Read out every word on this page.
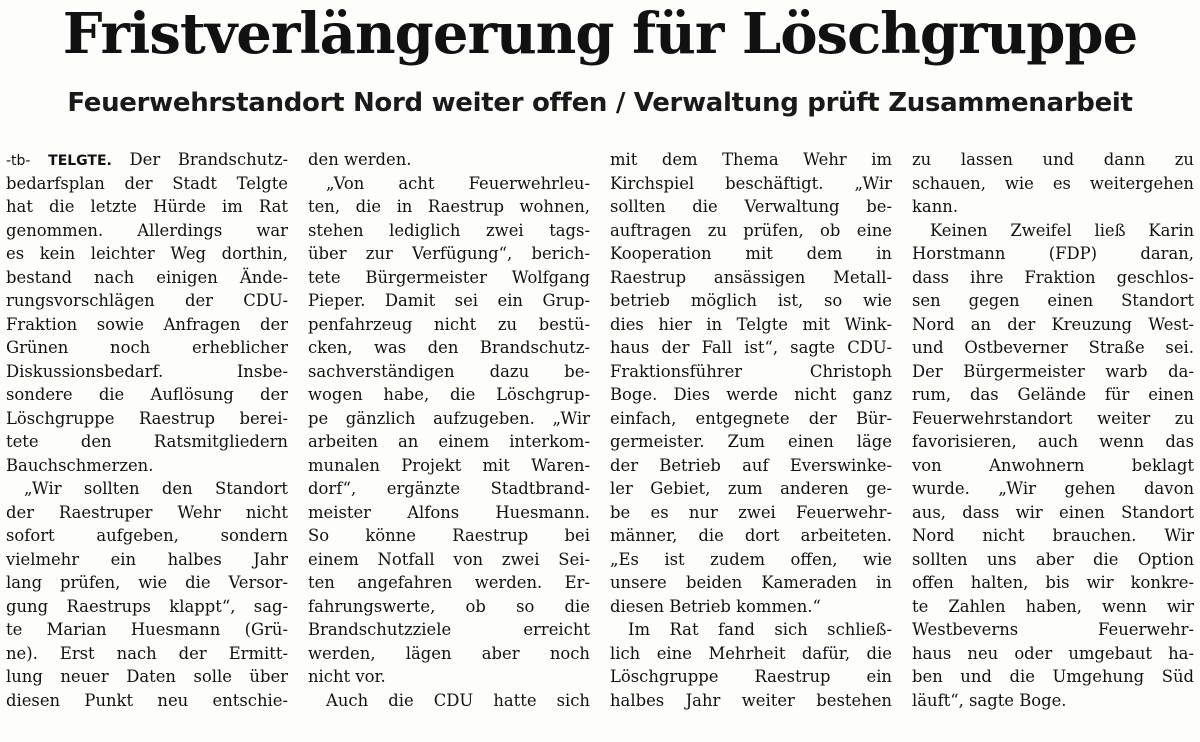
Fristverlängerung für Löschgruppe
Feuerwehrstandort Nord weiter offen / Verwaltung prüft Zusammenarbeit
-tb- TELGTE. Der Brandschutz-
bedarfsplan der Stadt Telgte
hat die letzte Hürde im Rat
genommen. Allerdings war
es kein leichter Weg dorthin,
bestand nach einigen Ände-
rungsvorschlägen der CDU-
Fraktion sowie Anfragen der
Grünen noch erheblicher
Diskussionsbedarf. Insbe-
sondere die Auflösung der
Löschgruppe Raestrup berei-
tete den Ratsmitgliedern
Bauchschmerzen.
„Wir sollten den Standort
der Raestruper Wehr nicht
sofort aufgeben, sondern
vielmehr ein halbes Jahr
lang prüfen, wie die Versor-
gung Raestrups klappt“, sag-
te Marian Huesmann (Grü-
ne). Erst nach der Ermitt-
lung neuer Daten solle über
diesen Punkt neu entschie-
den werden.
„Von acht Feuerwehrleu-
ten, die in Raestrup wohnen,
stehen lediglich zwei tags-
über zur Verfügung“, berich-
tete Bürgermeister Wolfgang
Pieper. Damit sei ein Grup-
penfahrzeug nicht zu bestü-
cken, was den Brandschutz-
sachverständigen dazu be-
wogen habe, die Löschgrup-
pe gänzlich aufzugeben. „Wir
arbeiten an einem interkom-
munalen Projekt mit Waren-
dorf“, ergänzte Stadtbrand-
meister Alfons Huesmann.
So könne Raestrup bei
einem Notfall von zwei Sei-
ten angefahren werden. Er-
fahrungswerte, ob so die
Brandschutzziele erreicht
werden, lägen aber noch
nicht vor.
Auch die CDU hatte sich
mit dem Thema Wehr im
Kirchspiel beschäftigt. „Wir
sollten die Verwaltung be-
auftragen zu prüfen, ob eine
Kooperation mit dem in
Raestrup ansässigen Metall-
betrieb möglich ist, so wie
dies hier in Telgte mit Wink-
haus der Fall ist“, sagte CDU-
Fraktionsführer Christoph
Boge. Dies werde nicht ganz
einfach, entgegnete der Bür-
germeister. Zum einen läge
der Betrieb auf Everswinke-
ler Gebiet, zum anderen ge-
be es nur zwei Feuerwehr-
männer, die dort arbeiteten.
„Es ist zudem offen, wie
unsere beiden Kameraden in
diesen Betrieb kommen.“
Im Rat fand sich schließ-
lich eine Mehrheit dafür, die
Löschgruppe Raestrup ein
halbes Jahr weiter bestehen
zu lassen und dann zu
schauen, wie es weitergehen
kann.
Keinen Zweifel ließ Karin
Horstmann (FDP) daran,
dass ihre Fraktion geschlos-
sen gegen einen Standort
Nord an der Kreuzung West-
und Ostbeverner Straße sei.
Der Bürgermeister warb da-
rum, das Gelände für einen
Feuerwehrstandort weiter zu
favorisieren, auch wenn das
von Anwohnern beklagt
wurde. „Wir gehen davon
aus, dass wir einen Standort
Nord nicht brauchen. Wir
sollten uns aber die Option
offen halten, bis wir konkre-
te Zahlen haben, wenn wir
Westbeverns Feuerwehr-
haus neu oder umgebaut ha-
ben und die Umgehung Süd
läuft“, sagte Boge.
